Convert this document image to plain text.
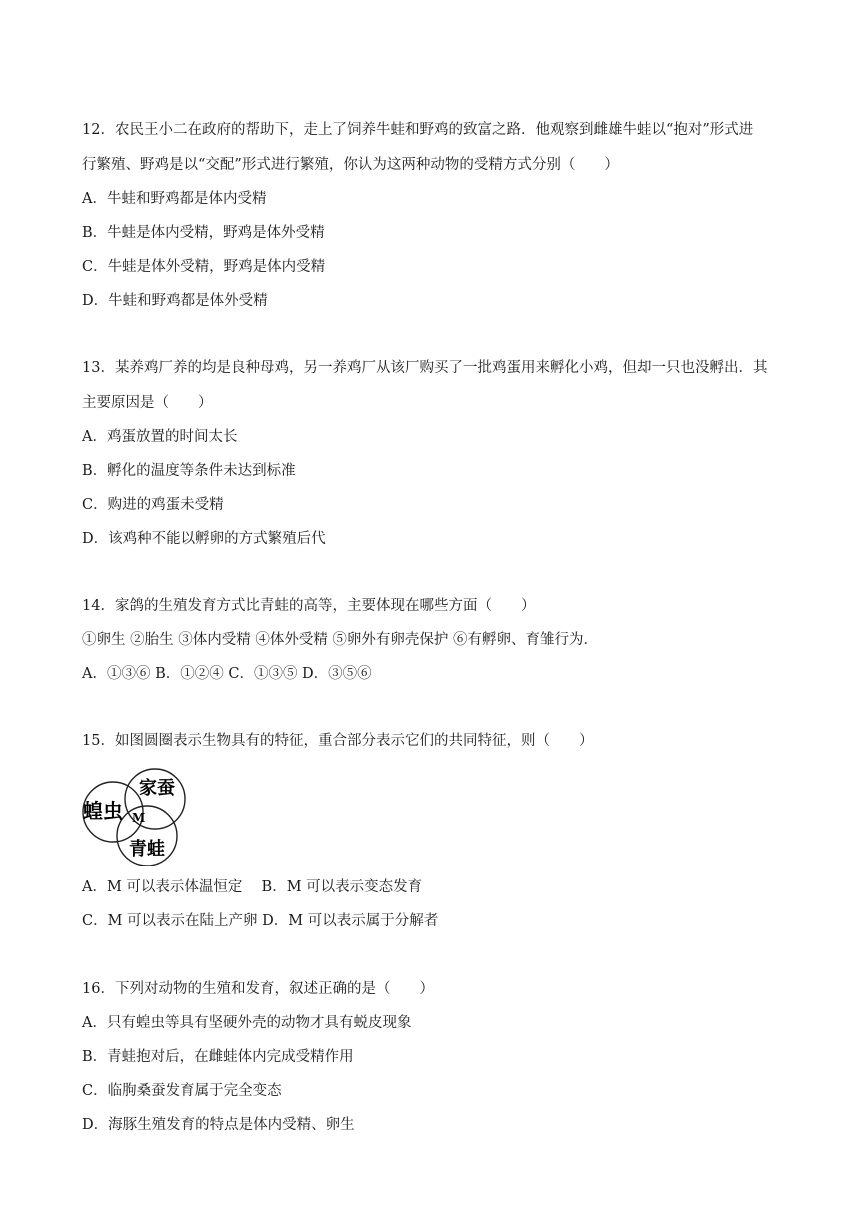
12．农民王小二在政府的帮助下，走上了饲养牛蛙和野鸡的致富之路．他观察到雌雄牛蛙以“抱对”形式进
行繁殖、野鸡是以“交配”形式进行繁殖，你认为这两种动物的受精方式分别（　　）
A．牛蛙和野鸡都是体内受精
B．牛蛙是体内受精，野鸡是体外受精
C．牛蛙是体外受精，野鸡是体内受精
D．牛蛙和野鸡都是体外受精
13．某养鸡厂养的均是良种母鸡，另一养鸡厂从该厂购买了一批鸡蛋用来孵化小鸡，但却一只也没孵出．其
主要原因是（　　）
A．鸡蛋放置的时间太长
B．孵化的温度等条件未达到标准
C．购进的鸡蛋未受精
D．该鸡种不能以孵卵的方式繁殖后代
14．家鸽的生殖发育方式比青蛙的高等，主要体现在哪些方面（　　）
①卵生 ②胎生 ③体内受精 ④体外受精 ⑤卵外有卵壳保护 ⑥有孵卵、育雏行为．
A．①③⑥ B．①②④ C．①③⑤ D．③⑤⑥
15．如图圆圈表示生物具有的特征，重合部分表示它们的共同特征，则（　　）
蝗虫
家蚕
青蛙
M
A．M 可以表示体温恒定　 B．M 可以表示变态发育
C．M 可以表示在陆上产卵 D．M 可以表示属于分解者
16．下列对动物的生殖和发育，叙述正确的是（　　）
A．只有蝗虫等具有坚硬外壳的动物才具有蜕皮现象
B．青蛙抱对后，在雌蛙体内完成受精作用
C．临朐桑蚕发育属于完全变态
D．海豚生殖发育的特点是体内受精、卵生
